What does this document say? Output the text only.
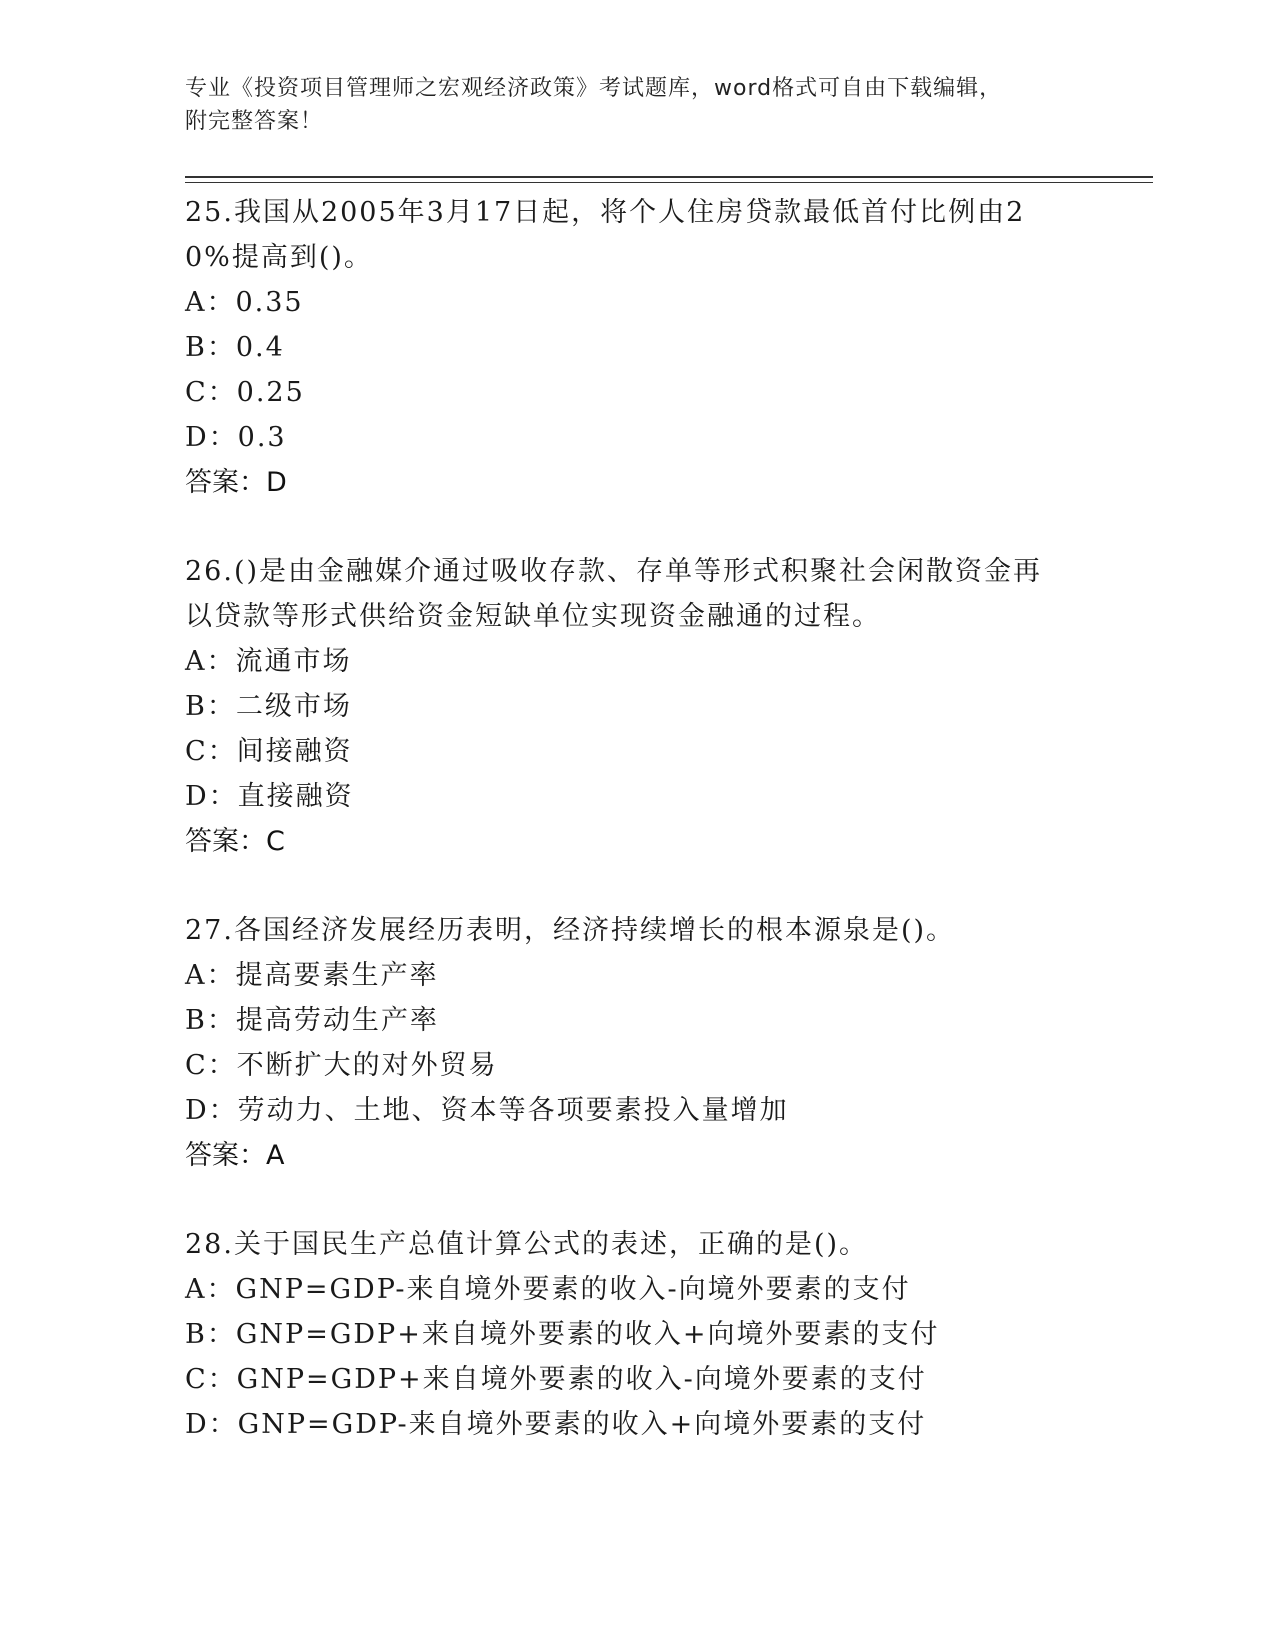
专业《投资项目管理师之宏观经济政策》考试题库，word格式可自由下载编辑，
附完整答案！
25.我国从2005年3月17日起，将个人住房贷款最低首付比例由20%提高到()。
A：0.35
B：0.4
C：0.25
D：0.3
答案：D
26.()是由金融媒介通过吸收存款、存单等形式积聚社会闲散资金再以贷款等形式供给资金短缺单位实现资金融通的过程。
A：流通市场
B：二级市场
C：间接融资
D：直接融资
答案：C
27.各国经济发展经历表明，经济持续增长的根本源泉是()。
A：提高要素生产率
B：提高劳动生产率
C：不断扩大的对外贸易
D：劳动力、土地、资本等各项要素投入量增加
答案：A
28.关于国民生产总值计算公式的表述，正确的是()。
A：GNP=GDP-来自境外要素的收入-向境外要素的支付
B：GNP=GDP+来自境外要素的收入+向境外要素的支付
C：GNP=GDP+来自境外要素的收入-向境外要素的支付
D：GNP=GDP-来自境外要素的收入+向境外要素的支付
